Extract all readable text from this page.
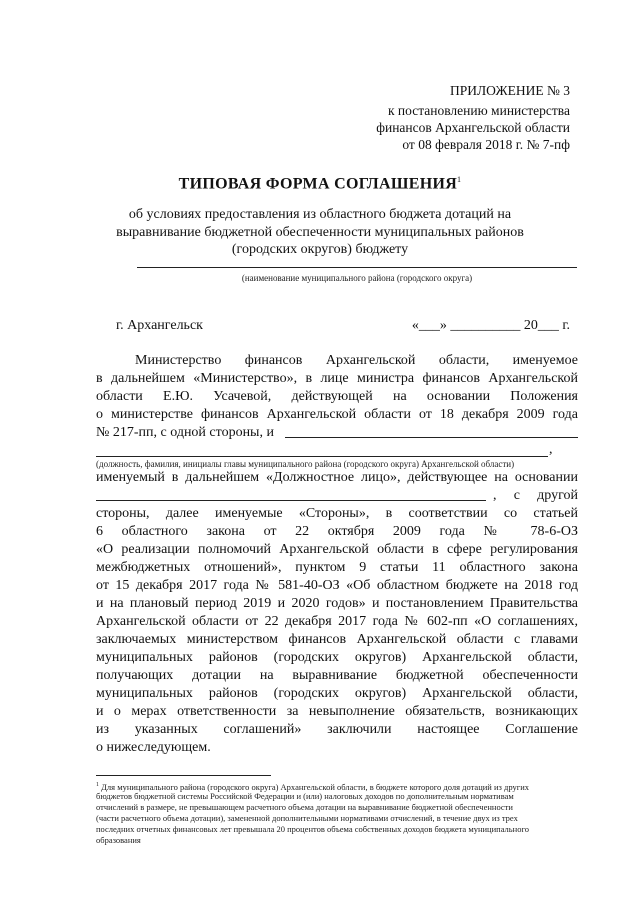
ПРИЛОЖЕНИЕ № 3
к постановлению министерства
финансов Архангельской области
от 08 февраля 2018 г. № 7-пф
ТИПОВАЯ ФОРМА СОГЛАШЕНИЯ$^1$
об условиях предоставления из областного бюджета дотаций на выравнивание бюджетной обеспеченности муниципальных районов (городских округов) бюджету
(наименование муниципального района (городского округа)
г. Архангельск	«___» __________ 20___ г.
Министерство финансов Архангельской области, именуемое
в дальнейшем «Министерство», в лице министра финансов Архангельской
области Е.Ю. Усачевой, действующей на основании Положения
о министерстве финансов Архангельской области от 18 декабря 2009 года
№ 217-пп, с одной стороны, и
,
(должность, фамилия, инициалы главы муниципального района (городского округа) Архангельской области)
именуемый в дальнейшем «Должностное лицо», действующее на основании
, с другой
стороны, далее именуемые «Стороны», в соответствии со статьей
6 областного закона от 22 октября 2009 года № 78-6-ОЗ
«О реализации полномочий Архангельской области в сфере регулирования
межбюджетных отношений», пунктом 9 статьи 11 областного закона
от 15 декабря 2017 года № 581-40-ОЗ «Об областном бюджете на 2018 год
и на плановый период 2019 и 2020 годов» и постановлением Правительства
Архангельской области от 22 декабря 2017 года № 602-пп «О соглашениях,
заключаемых министерством финансов Архангельской области с главами
муниципальных районов (городских округов) Архангельской области,
получающих дотации на выравнивание бюджетной обеспеченности
муниципальных районов (городских округов) Архангельской области,
и о мерах ответственности за невыполнение обязательств, возникающих
из указанных соглашений» заключили настоящее Соглашение
о нижеследующем.
$^1$ Для муниципального района (городского округа) Архангельской области, в бюджете которого доля дотаций из других
бюджетов бюджетной системы Российской Федерации и (или) налоговых доходов по дополнительным нормативам
отчислений в размере, не превышающем расчетного объема дотации на выравнивание бюджетной обеспеченности
(части расчетного объема дотации), замененной дополнительными нормативами отчислений, в течение двух из трех
последних отчетных финансовых лет превышала 20 процентов объема собственных доходов бюджета муниципального
образования
